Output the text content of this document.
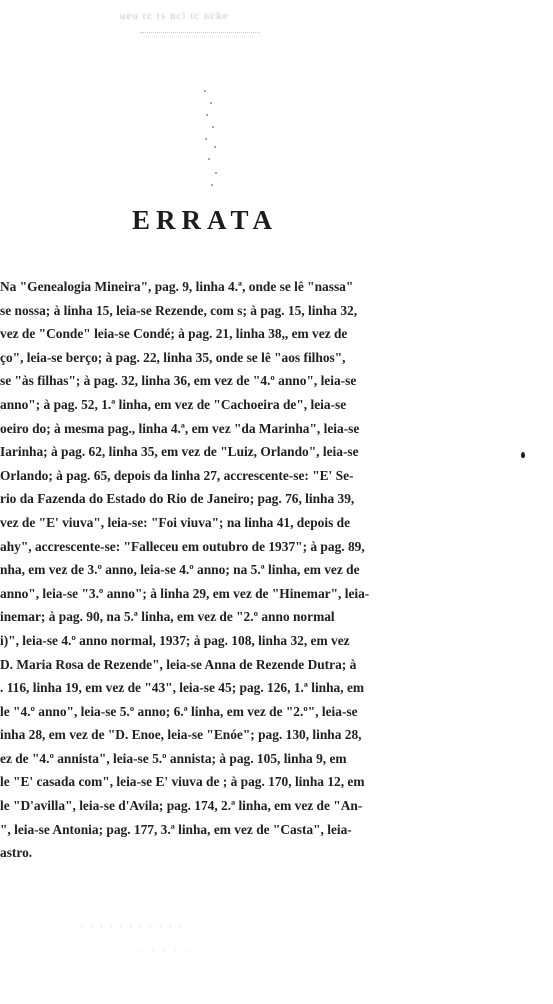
ueu rc ts ncl tc ncke
ERRATA
Na "Genealogia Mineira", pag. 9, linha 4.ª, onde se lê "nassa"
se nossa; à linha 15, leia-se Rezende, com s; à pag. 15, linha 32,
vez de "Conde" leia-se Condé; à pag. 21, linha 38,, em vez de
ço", leia-se berço; à pag. 22, linha 35, onde se lê "aos filhos",
se "às filhas"; à pag. 32, linha 36, em vez de "4.º anno", leia-se
anno"; à pag. 52, 1.ª linha, em vez de "Cachoeira de", leia-se
oeiro do; à mesma pag., linha 4.ª, em vez "da Marinha", leia-se
Iarinha; à pag. 62, linha 35, em vez de "Luiz, Orlando", leia-se
Orlando; à pag. 65, depois da linha 27, accrescente-se: "E' Se-
rio da Fazenda do Estado do Rio de Janeiro; pag. 76, linha 39,
vez de "E' viuva", leia-se: "Foi viuva"; na linha 41, depois de
ahy", accrescente-se: "Falleceu em outubro de 1937"; à pag. 89,
nha, em vez de 3.º anno, leia-se 4.º anno; na 5.ª linha, em vez de
anno", leia-se "3.º anno"; à linha 29, em vez de "Hinemar", leia-
inemar; à pag. 90, na 5.ª linha, em vez de "2.º anno normal
i)", leia-se 4.º anno normal, 1937; à pag. 108, linha 32, em vez
D. Maria Rosa de Rezende", leia-se Anna de Rezende Dutra; à
. 116, linha 19, em vez de "43", leia-se 45; pag. 126, 1.ª linha, em
le "4.º anno", leia-se 5.º anno; 6.ª linha, em vez de "2.º", leia-se
inha 28, em vez de "D. Enoe, leia-se "Enóe"; pag. 130, linha 28,
ez de "4.º annista", leia-se 5.º annista; à pag. 105, linha 9, em
le "E' casada com", leia-se E' viuva de ; à pag. 170, linha 12, em
le "D'avilla", leia-se d'Avila; pag. 174, 2.ª linha, em vez de "An-
", leia-se Antonia; pag. 177, 3.ª linha, em vez de "Casta", leia-
astro.
· · · · · · · · · · ·
· · · · ·
